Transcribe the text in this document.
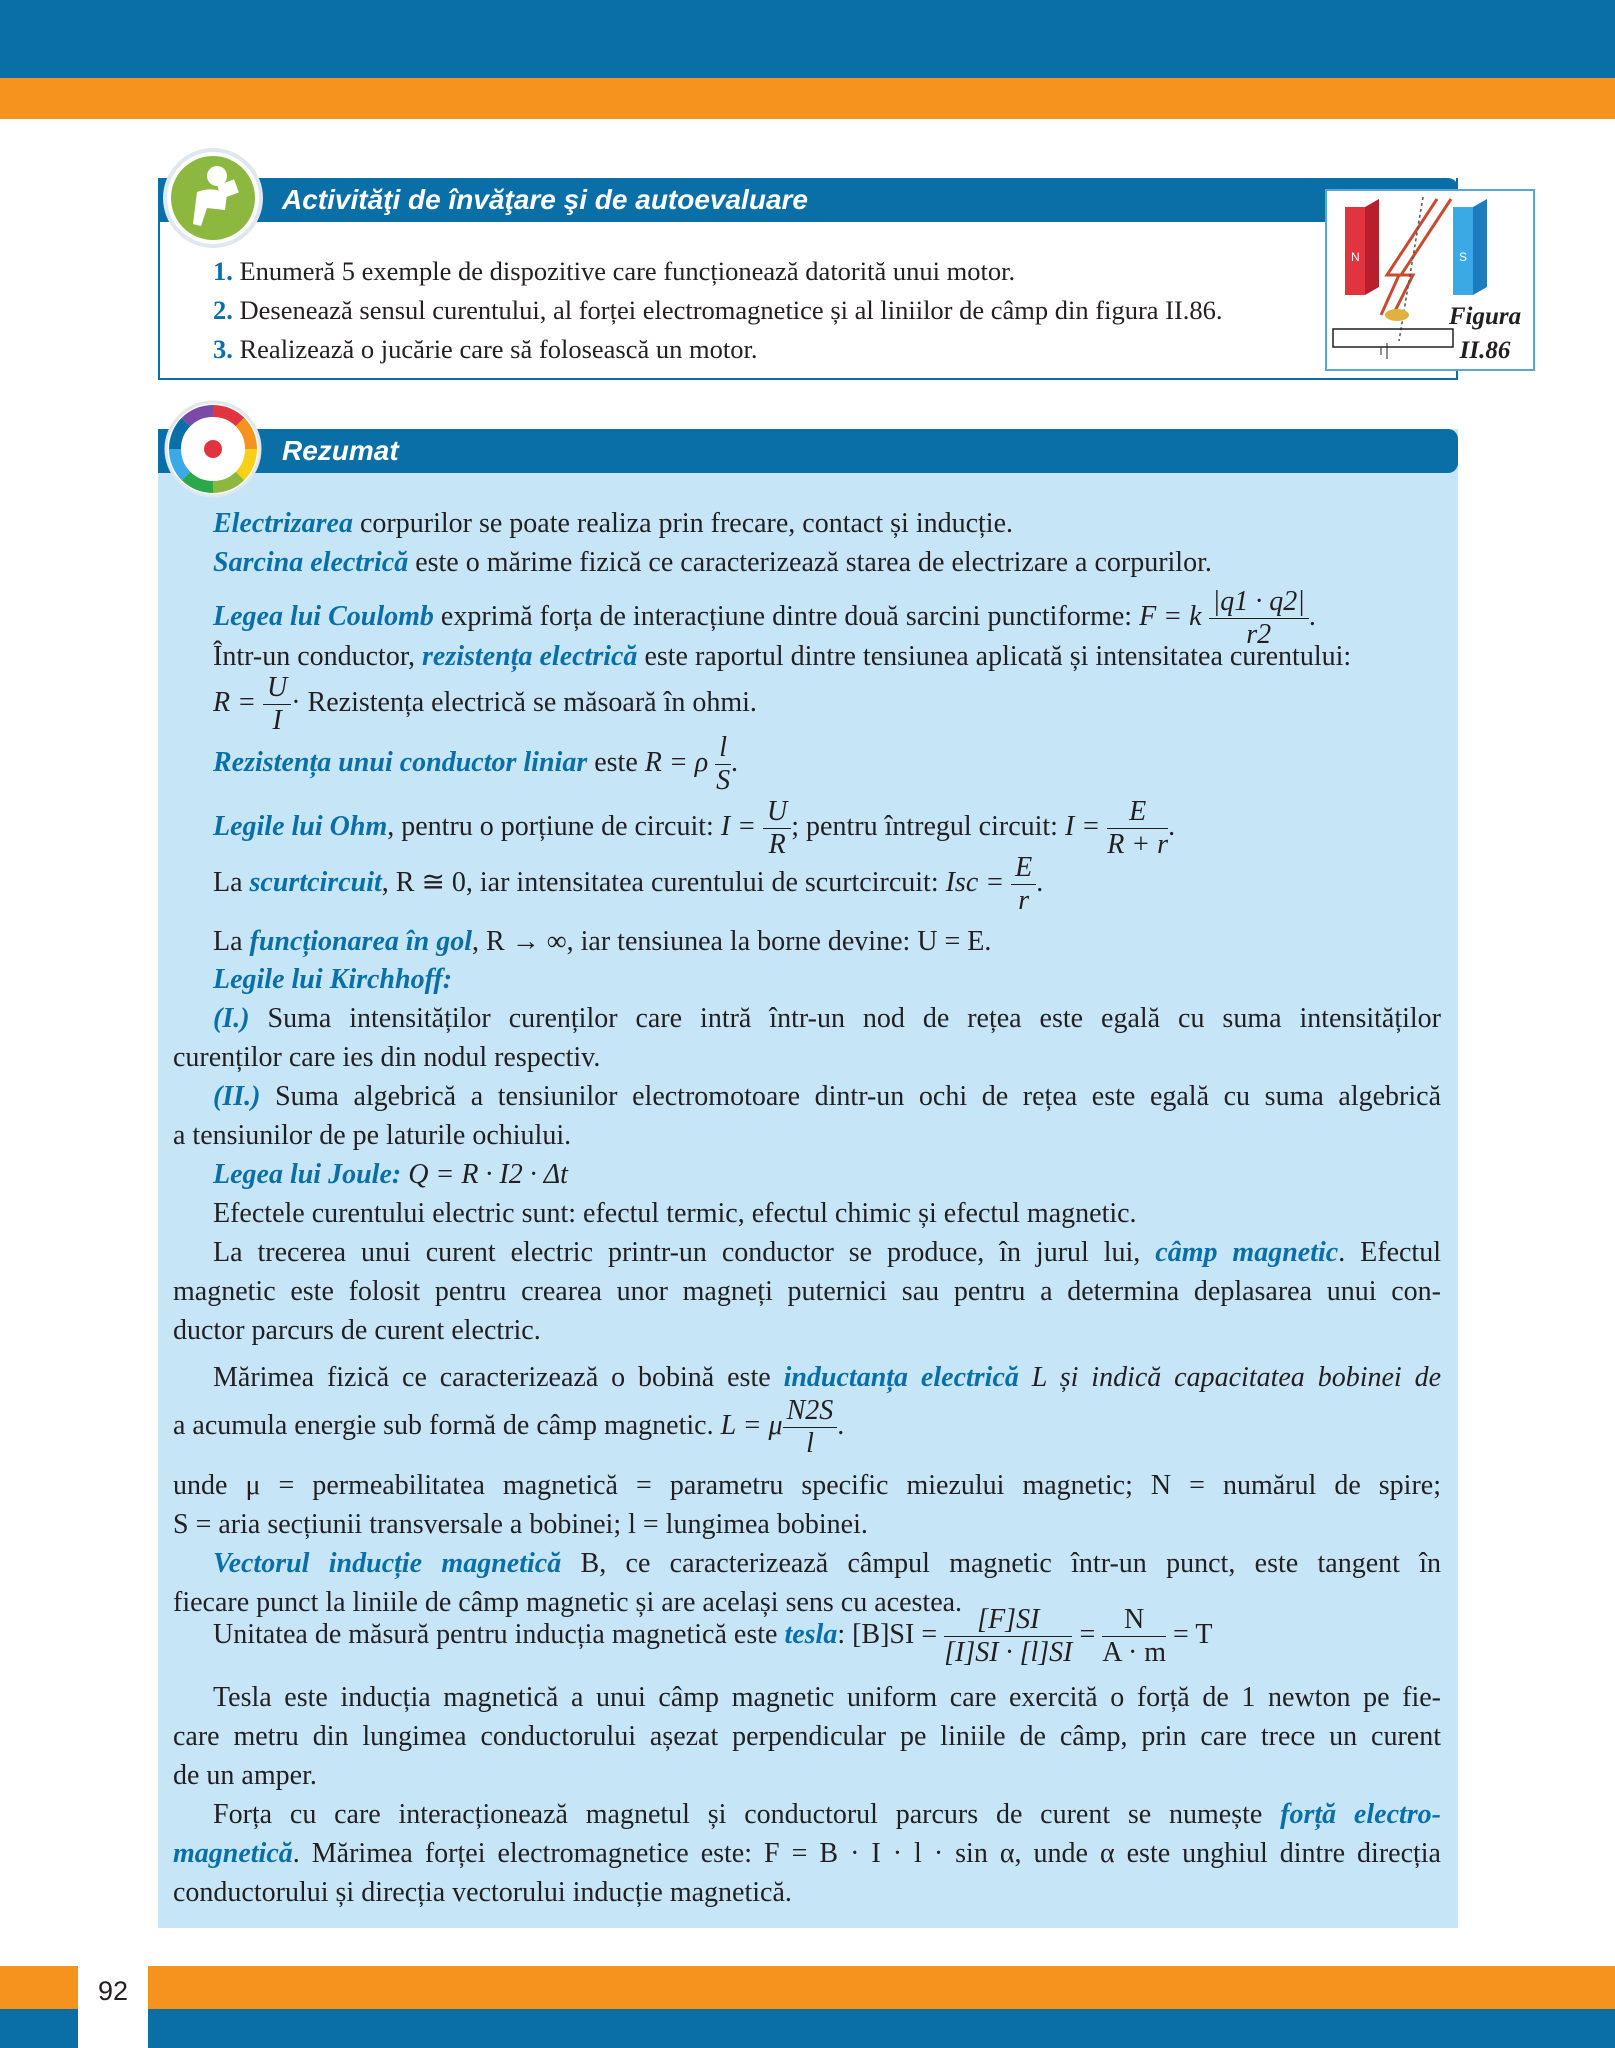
92
Activităţi de învăţare şi de autoevaluare
1. Enumeră 5 exemple de dispozitive care funcționează datorită unui motor.
2. Desenează sensul curentului, al forței electromagnetice și al liniilor de câmp din figura II.86.
3. Realizează o jucărie care să folosească un motor.
N	S
Figura
II.86
Rezumat
Electrizarea corpurilor se poate realiza prin frecare, contact și inducție.
Sarcina electrică este o mărime fizică ce caracterizează starea de electrizare a corpurilor.
Legea lui Coulomb exprimă forța de interacțiune dintre două sarcini punctiforme: F = k $\frac{|q1 \cdot q2|}{r2}$ .
Într-un conductor, rezistența electrică este raportul dintre tensiunea aplicată și intensitatea curentului:
$R = \frac{U}{I}$ · Rezistența electrică se măsoară în ohmi.
Rezistența unui conductor liniar este R = ρ $\frac{l}{S}$ .
Legile lui Ohm, pentru o porțiune de circuit: $I = \frac{U}{R}$ ; pentru întregul circuit: $I = \frac{E}{R + r}$ .
La scurtcircuit, R ≅ 0, iar intensitatea curentului de scurtcircuit: Isc = $\frac{E}{r}$ .
La funcționarea în gol, R → ∞, iar tensiunea la borne devine: U = E.
Legile lui Kirchhoff:
(I.) Suma intensităților curenților care intră într-un nod de rețea este egală cu suma intensităților
curenților care ies din nodul respectiv.
(II.) Suma algebrică a tensiunilor electromotoare dintr-un ochi de rețea este egală cu suma algebrică
a tensiunilor de pe laturile ochiului.
Legea lui Joule: Q = R · I2 · Δt
Efectele curentului electric sunt: efectul termic, efectul chimic și efectul magnetic.
La trecerea unui curent electric printr-un conductor se produce, în jurul lui, câmp magnetic. Efectul
magnetic este folosit pentru crearea unor magneți puternici sau pentru a determina deplasarea unui con-
ductor parcurs de curent electric.
Mărimea fizică ce caracterizează o bobină este inductanța electrică L și indică capacitatea bobinei de
a acumula energie sub formă de câmp magnetic. L = μ $\frac{N2S}{l}$ .
unde μ = permeabilitatea magnetică = parametru specific miezului magnetic; N = numărul de spire;
S = aria secțiunii transversale a bobinei; l = lungimea bobinei.
Vectorul inducție magnetică B, ce caracterizează câmpul magnetic într-un punct, este tangent în
fiecare punct la liniile de câmp magnetic și are același sens cu acestea.
Unitatea de măsură pentru inducția magnetică este tesla: $[B]SI = \frac{[F]SI}{[I]SI \cdot [l]SI} = \frac{N}{A \cdot m} = T$
Tesla este inducția magnetică a unui câmp magnetic uniform care exercită o forță de 1 newton pe fie-
care metru din lungimea conductorului așezat perpendicular pe liniile de câmp, prin care trece un curent
de un amper.
Forța cu care interacționează magnetul și conductorul parcurs de curent se numește forță electro-
magnetică. Mărimea forței electromagnetice este: F = B · I · l · sin α, unde α este unghiul dintre direcția
conductorului și direcția vectorului inducție magnetică.
